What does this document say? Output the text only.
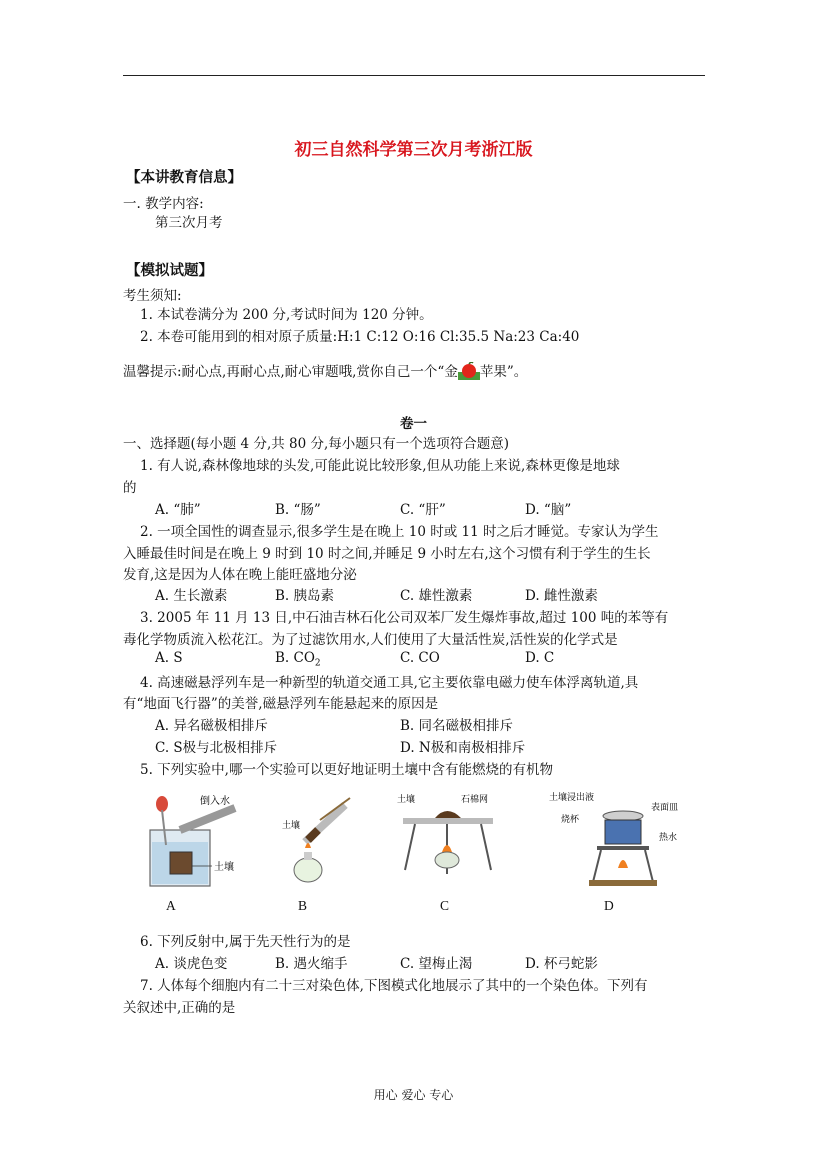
初三自然科学第三次月考浙江版
【本讲教育信息】
一. 教学内容:
第三次月考
【模拟试题】
考生须知:
1. 本试卷满分为 200 分,考试时间为 120 分钟。
2. 本卷可能用到的相对原子质量:H:1 C:12 O:16 Cl:35.5 Na:23 Ca:40
温馨提示:耐心点,再耐心点,耐心审题哦,赏你自己一个“金 苹果”。
卷一
一、选择题(每小题 4 分,共 80 分,每小题只有一个选项符合题意)
1. 有人说,森林像地球的头发,可能此说比较形象,但从功能上来说,森林更像是地球
的
A. “肺”	B. “肠”	C. “肝”	D. “脑”
2. 一项全国性的调查显示,很多学生是在晚上 10 时或 11 时之后才睡觉。专家认为学生
入睡最佳时间是在晚上 9 时到 10 时之间,并睡足 9 小时左右,这个习惯有利于学生的生长
发育,这是因为人体在晚上能旺盛地分泌
A. 生长激素	B. 胰岛素	C. 雄性激素	D. 雌性激素
3. 2005 年 11 月 13 日,中石油吉林石化公司双苯厂发生爆炸事故,超过 100 吨的苯等有
毒化学物质流入松花江。为了过滤饮用水,人们使用了大量活性炭,活性炭的化学式是
A. S	B. $CO_2$	C. CO	D. C
4. 高速磁悬浮列车是一种新型的轨道交通工具,它主要依靠电磁力使车体浮离轨道,具
有“地面飞行器”的美誉,磁悬浮列车能悬起来的原因是
A. 异名磁极相排斥	B. 同名磁极相排斥
C. S极与北极相排斥	D. N极和南极相排斥
5. 下列实验中,哪一个实验可以更好地证明土壤中含有能燃烧的有机物
倒入水
土壤
A
土壤
B
土壤	石棉网
C
土壤浸出液
表面皿
烧杯
热水
D
6. 下列反射中,属于先天性行为的是
A. 谈虎色变	B. 遇火缩手	C. 望梅止渴	D. 杯弓蛇影
7. 人体每个细胞内有二十三对染色体,下图模式化地展示了其中的一个染色体。下列有
关叙述中,正确的是
用心 爱心 专心
